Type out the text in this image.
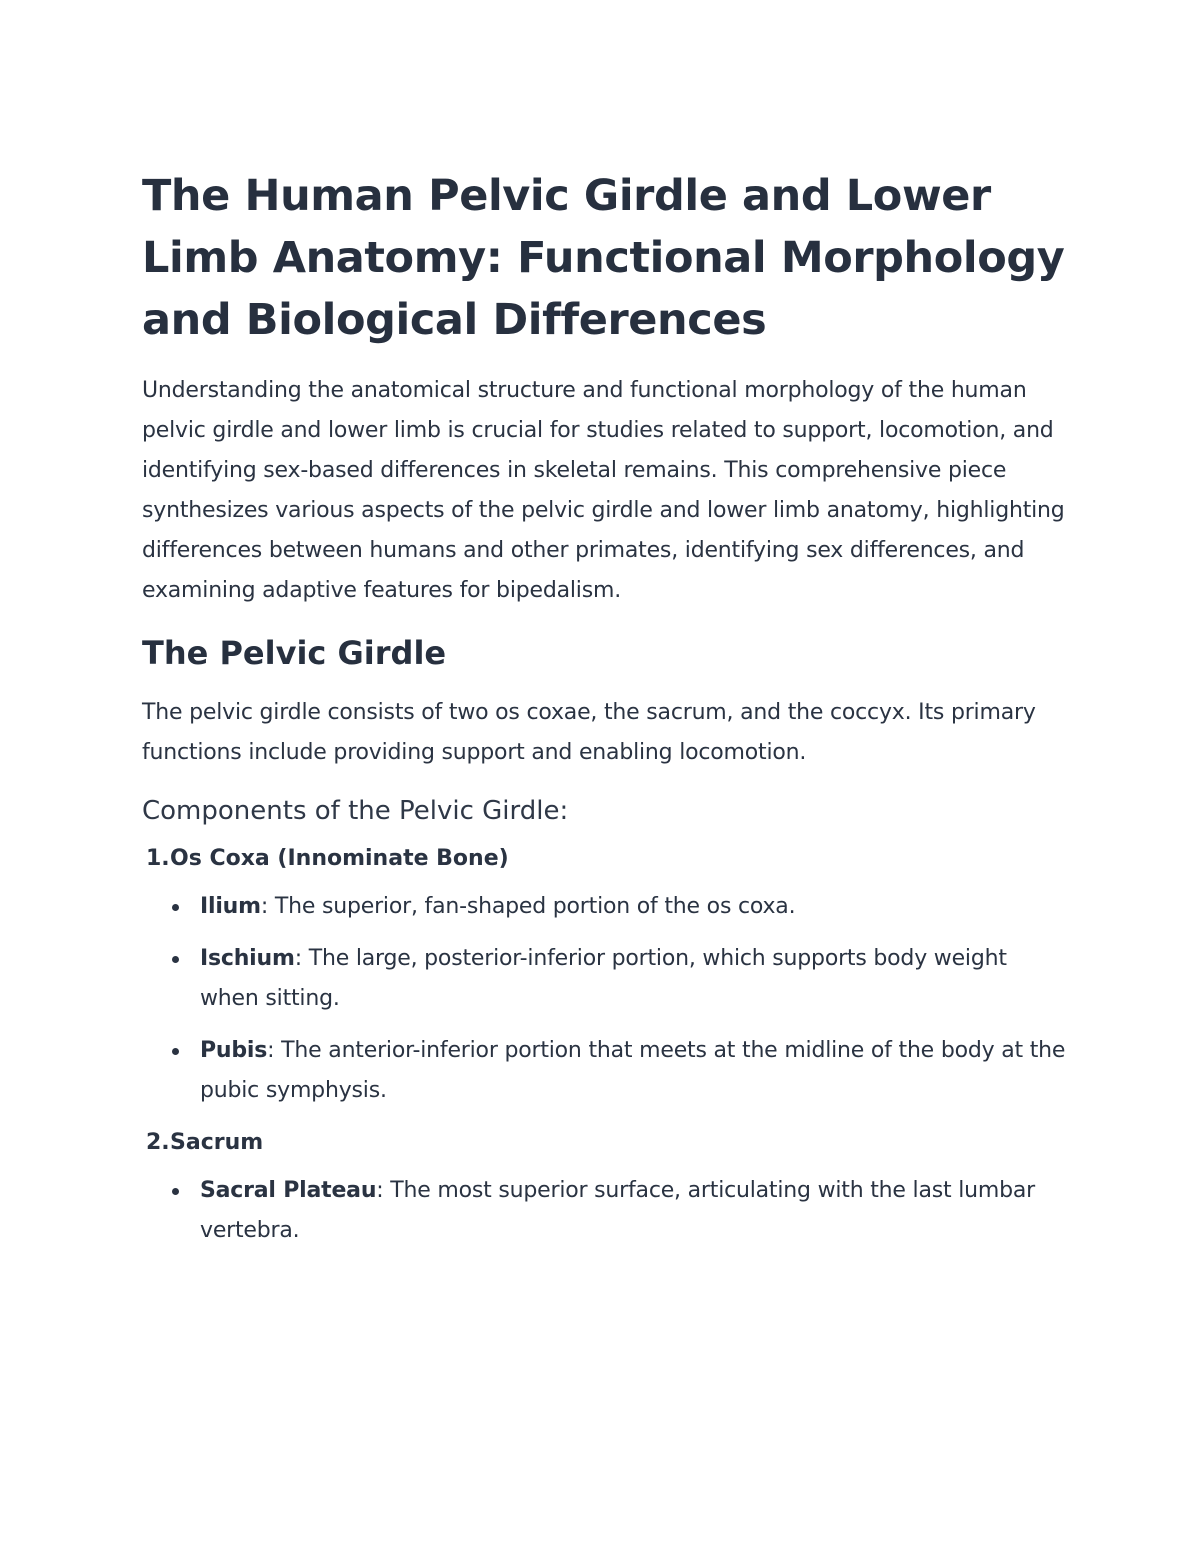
The Human Pelvic Girdle and Lower Limb Anatomy: Functional Morphology and Biological Differences

Understanding the anatomical structure and functional morphology of the human pelvic girdle and lower limb is crucial for studies related to support, locomotion, and identifying sex-based differences in skeletal remains. This comprehensive piece synthesizes various aspects of the pelvic girdle and lower limb anatomy, highlighting differences between humans and other primates, identifying sex differences, and examining adaptive features for bipedalism.

The Pelvic Girdle

The pelvic girdle consists of two os coxae, the sacrum, and the coccyx. Its primary functions include providing support and enabling locomotion.

Components of the Pelvic Girdle:
1. Os Coxa (Innominate Bone)
Ilium: The superior, fan-shaped portion of the os coxa.
Ischium: The large, posterior-inferior portion, which supports body weight when sitting.
Pubis: The anterior-inferior portion that meets at the midline of the body at the pubic symphysis.
2. Sacrum
Sacral Plateau: The most superior surface, articulating with the last lumbar vertebra.
